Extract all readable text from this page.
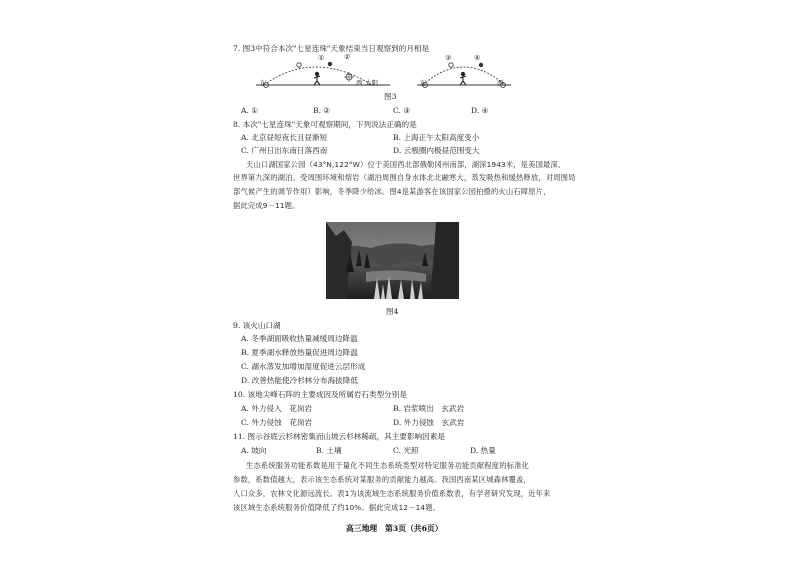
7. 图3中符合本次"七星连珠"天象结束当日观察到的月相是
①	②
东	西 太阳
③	④
东	西
图3
A. ①	B. ②	C. ③	D. ④
8. 本次"七星连珠"天象可观察期间，下列说法正确的是
A. 北京昼短夜长且昼渐短	B. 上海正午太阳高度变小
C. 广州日出东南日落西南	D. 云极圈内极昼范围变大
天山口湖国家公园（43°N,122°W）位于美国西北部俄勒冈州南部，湖深1943米，是美国最深、
世界第九深的湖泊。受周围环境和熔岩（湖泊周围自身水体北北融寒大，蒸发吸热和缓热释放，对周围局
部气候产生的调节作用）影响，冬季降少给冰。图4是某游客在该国家公园拍摄的火山石障原片，
据此完成9－11题。
图4
9. 该火山口湖
A. 冬季湖面吸收热量减缓周边降温
B. 夏季湖水释放热量促进周边降温
C. 湖水蒸发加增加湿度促进云层形成
D. 改善热能使冷杉林分布海拔降低
10. 该地尖峰石阵的主要成因及所属岩石类型分别是
A. 外力侵入　花岗岩	B. 岩浆喷出　玄武岩
C. 外力侵蚀　花岗岩	D. 外力侵蚀　玄武岩
11. 图示谷底云杉林密集而山坡云杉林稀疏，其主要影响因素是
A. 坡向	B. 土壤	C. 光照	D. 热量
生态系统服务功能系数是用于量化不同生态系统类型对特定服务功能贡献程度的标准化
参数，系数值越大，表示该生态系统对某服务的贡献能力越高。我国西南某区城森林覆盖，
人口众多，农林文化源远流长。表1为该流域生态系统服务价值系数表，有学者研究发现，近年来
该区域生态系统服务价值降低了约10%。据此完成12－14题。
高三地理　第3页（共6页）
